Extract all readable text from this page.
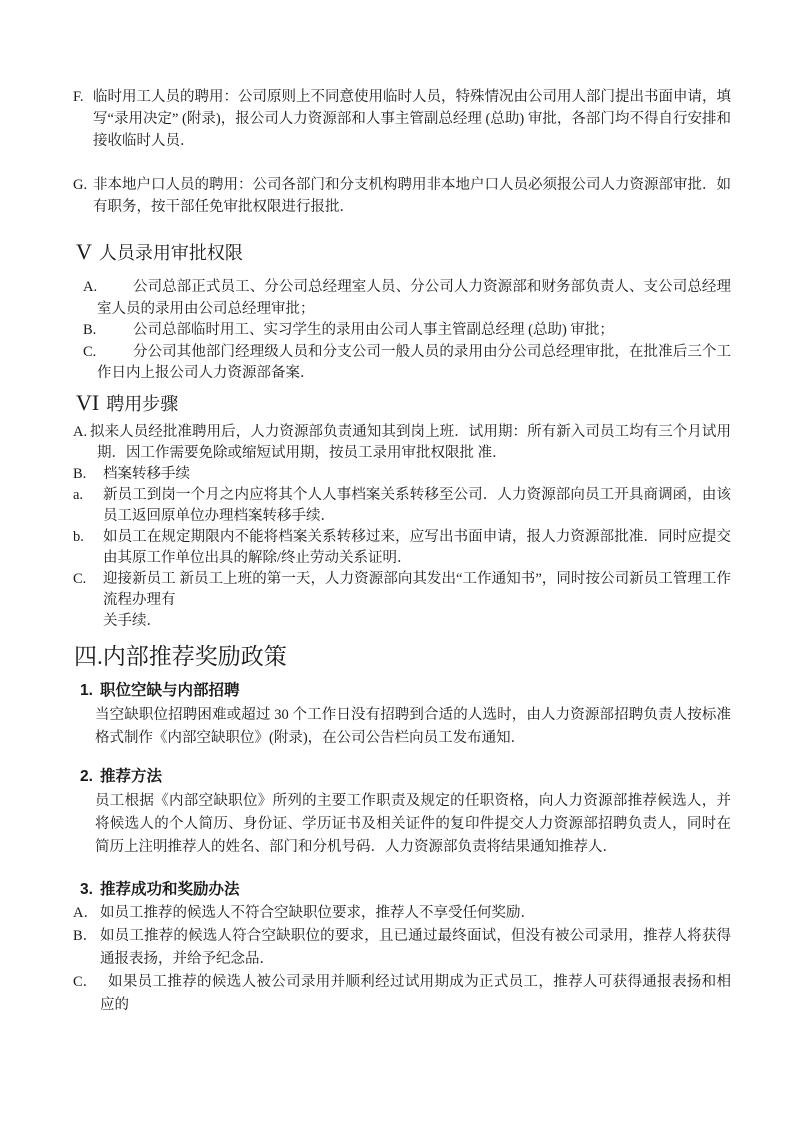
F. 临时用工人员的聘用：公司原则上不同意使用临时人员，特殊情况由公司用人部门提出书面申请，填写“录用决定” (附录)，报公司人力资源部和人事主管副总经理 (总助) 审批，各部门均不得自行安排和接收临时人员．
G. 非本地户口人员的聘用：公司各部门和分支机构聘用非本地户口人员必须报公司人力资源部审批．如有职务，按干部任免审批权限进行报批．
V 人员录用审批权限
A. 公司总部正式员工、分公司总经理室人员、分公司人力资源部和财务部负责人、支公司总经理室人员的录用由公司总经理审批；
B.	公司总部临时用工、实习学生的录用由公司人事主管副总经理 (总助) 审批；
C.	分公司其他部门经理级人员和分支公司一般人员的录用由分公司总经理审批，在批准后三个工作日内上报公司人力资源部备案．
VI 聘用步骤
A. 拟来人员经批准聘用后，人力资源部负责通知其到岗上班．试用期：所有新入司员工均有三个月试用期．因工作需要免除或缩短试用期，按员工录用审批权限批 准．
B. 档案转移手续
a. 新员工到岗一个月之内应将其个人人事档案关系转移至公司．人力资源部向员工开具商调函，由该员工返回原单位办理档案转移手续．
b. 如员工在规定期限内不能将档案关系转移过来，应写出书面申请，报人力资源部批准．同时应提交由其原工作单位出具的解除/终止劳动关系证明．
C. 迎接新员工 新员工上班的第一天，人力资源部向其发出“工作通知书”，同时按公司新员工管理工作流程办理有
关手续．
四.内部推荐奖励政策
1. 职位空缺与内部招聘

当空缺职位招聘困难或超过 30 个工作日没有招聘到合适的人选时，由人力资源部招聘负责人按标准格式制作《内部空缺职位》(附录)，在公司公告栏向员工发布通知．

2. 推荐方法

员工根据《内部空缺职位》所列的主要工作职责及规定的任职资格，向人力资源部推荐候选人，并将候选人的个人简历、身份证、学历证书及相关证件的复印件提交人力资源部招聘负责人，同时在简历上注明推荐人的姓名、部门和分机号码．人力资源部负责将结果通知推荐人．

3. 推荐成功和奖励办法
A． 如员工推荐的候选人不符合空缺职位要求，推荐人不享受任何奖励．
B． 如员工推荐的候选人符合空缺职位的要求，且已通过最终面试，但没有被公司录用，推荐人将获得通报表扬，并给予纪念品．
C． 如果员工推荐的候选人被公司录用并顺利经过试用期成为正式员工，推荐人可获得通报表扬和相应的
